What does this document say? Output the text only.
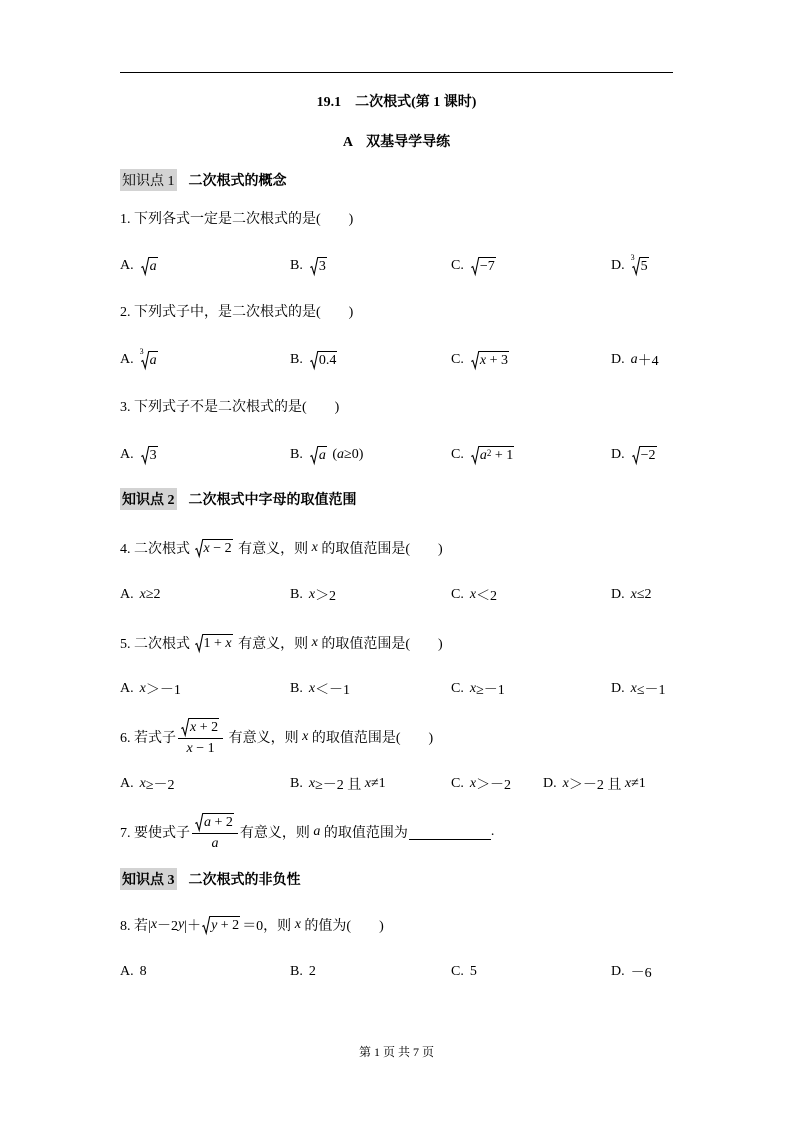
19.1　二次根式(第 1 课时)
A　双基导学导练
知识点 1 二次根式的概念
1. 下列各式一定是二次根式的是(　　)
A. a	B. 3	C. −7	D.
3
5
2. 下列式子中，是二次根式的是(　　)
A.
3
a	B. 0.4	C. x + 3	D. a ＋4
3. 下列式子不是二次根式的是(　　)
A. 3	B. a ( a ≥0)	C. a 2 + 1	D. −2
知识点 2 二次根式中字母的取值范围
4. 二次根式 x − 2 有意义，则 x 的取值范围是(　　)
A. x ≥2	B. x ＞2	C. x ＜2	D. x ≤2
5. 二次根式 1 + x 有意义，则 x 的取值范围是(　　)
A. x ＞－1	B. x ＜－1	C. x ≥－1	D. x ≤－1
6. 若式子 $\frac{x + 2}{x - 1}$ 有意义，则 x 的取值范围是(　　)
A. x ≥－2	B. x ≥－2 且 x ≠1	C. x ＞－2 D. x ＞－2 且 x ≠1
7. 要使式子 $\frac{a + 2}{a}$ 有意义，则 a 的取值范围为	.
知识点 3 二次根式的非负性
8. 若| x －2 y |＋ y + 2 ＝0，则 x 的值为(　　)
A. 8	B. 2	C. 5	D. －6
第 1 页 共 7 页
